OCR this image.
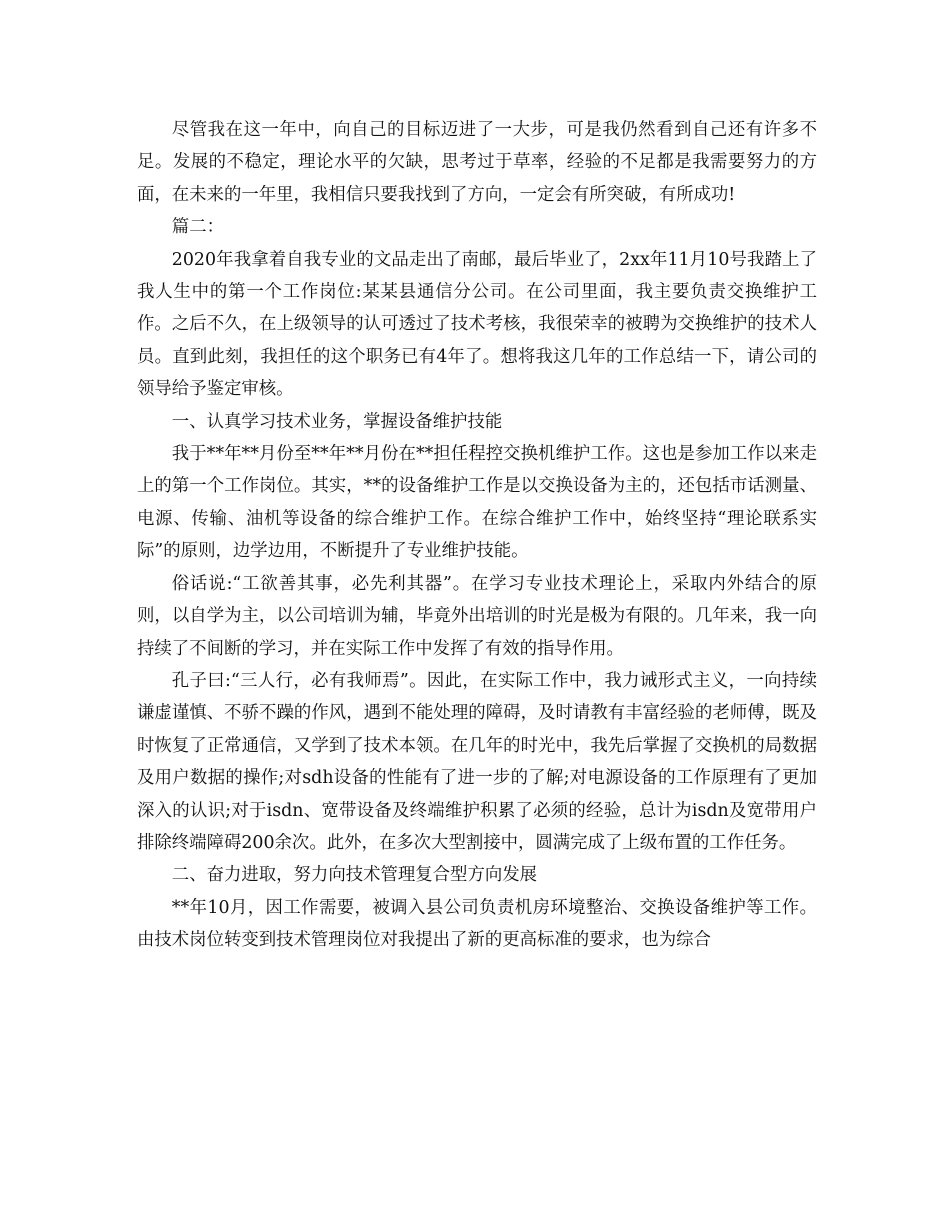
尽管我在这一年中，向自己的目标迈进了一大步，可是我仍然看到自己还有许多不足。发展的不稳定，理论水平的欠缺，思考过于草率，经验的不足都是我需要努力的方面，在未来的一年里，我相信只要我找到了方向，一定会有所突破，有所成功!

篇二：

2020年我拿着自我专业的文品走出了南邮，最后毕业了，2xx年11月10号我踏上了我人生中的第一个工作岗位:某某县通信分公司。在公司里面，我主要负责交换维护工作。之后不久，在上级领导的认可透过了技术考核，我很荣幸的被聘为交换维护的技术人员。直到此刻，我担任的这个职务已有4年了。想将我这几年的工作总结一下，请公司的领导给予鉴定审核。

一、认真学习技术业务，掌握设备维护技能

我于**年**月份至**年**月份在**担任程控交换机维护工作。这也是参加工作以来走上的第一个工作岗位。其实，**的设备维护工作是以交换设备为主的，还包括市话测量、电源、传输、油机等设备的综合维护工作。在综合维护工作中，始终坚持“理论联系实际”的原则，边学边用，不断提升了专业维护技能。

俗话说:“工欲善其事，必先利其器”。在学习专业技术理论上，采取内外结合的原则，以自学为主，以公司培训为辅，毕竟外出培训的时光是极为有限的。几年来，我一向持续了不间断的学习，并在实际工作中发挥了有效的指导作用。

孔子曰:“三人行，必有我师焉”。因此，在实际工作中，我力诫形式主义，一向持续谦虚谨慎、不骄不躁的作风，遇到不能处理的障碍，及时请教有丰富经验的老师傅，既及时恢复了正常通信，又学到了技术本领。在几年的时光中，我先后掌握了交换机的局数据及用户数据的操作;对sdh设备的性能有了进一步的了解;对电源设备的工作原理有了更加深入的认识;对于isdn、宽带设备及终端维护积累了必须的经验，总计为isdn及宽带用户排除终端障碍200余次。此外，在多次大型割接中，圆满完成了上级布置的工作任务。

二、奋力进取，努力向技术管理复合型方向发展

**年10月，因工作需要，被调入县公司负责机房环境整治、交换设备维护等工作。由技术岗位转变到技术管理岗位对我提出了新的更高标准的要求，也为综合
